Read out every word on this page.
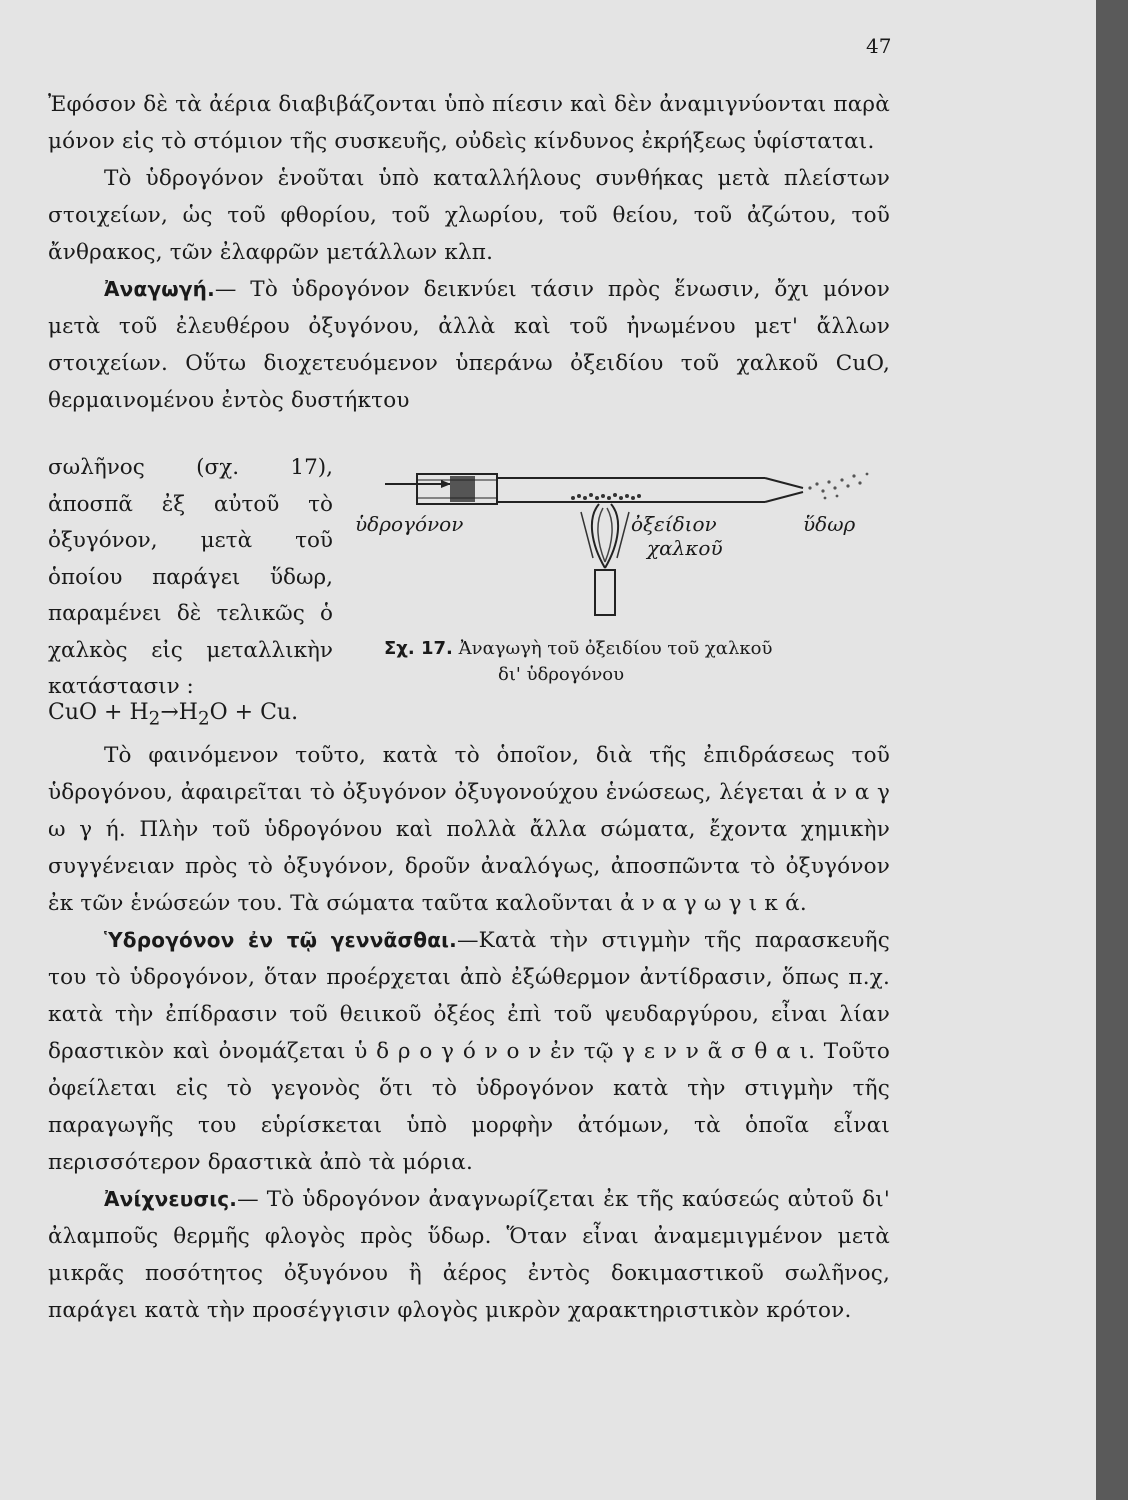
47

Ἐφόσον δὲ τὰ ἀέρια διαβιβάζονται ὑπὸ πίεσιν καὶ δὲν ἀναμιγνύονται παρὰ μόνον εἰς τὸ στόμιον τῆς συσκευῆς, οὐδεὶς κίνδυνος ἐκρήξεως ὑφίσταται.

Τὸ ὑδρογόνον ἑνοῦται ὑπὸ καταλλήλους συνθήκας μετὰ πλείστων στοιχείων, ὡς τοῦ φθορίου, τοῦ χλωρίου, τοῦ θείου, τοῦ ἀζώτου, τοῦ ἄνθρακος, τῶν ἐλαφρῶν μετάλλων κλπ.

Ἀναγωγή.— Τὸ ὑδρογόνον δεικνύει τάσιν πρὸς ἕνωσιν, ὄχι μόνον μετὰ τοῦ ἐλευθέρου ὀξυγόνου, ἀλλὰ καὶ τοῦ ἠνωμένου μετ' ἄλλων στοιχείων. Οὕτω διοχετευόμενον ὑπεράνω ὀξειδίου τοῦ χαλκοῦ CuO, θερμαινομένου ἐντὸς δυστήκτου

σωλῆνος (σχ. 17), ἀποσπᾶ ἐξ αὐτοῦ τὸ ὀξυγόνον, μετὰ τοῦ ὁποίου παράγει ὕδωρ, παραμένει δὲ τελικῶς ὁ χαλκὸς εἰς μεταλλικὴν κατάστασιν :
CuO + $H_2\to H_2O + Cu$.
ὑδρογόνον	ὀξείδιον
χαλκοῦ
ὕδωρ
Σχ. 17. Ἀναγωγὴ τοῦ ὀξειδίου τοῦ χαλκοῦ
δι' ὑδρογόνου

Τὸ φαινόμενον τοῦτο, κατὰ τὸ ὁποῖον, διὰ τῆς ἐπιδράσεως τοῦ ὑδρογόνου, ἀφαιρεῖται τὸ ὀξυγόνον ὀξυγονούχου ἑνώσεως, λέγεται ἀ ν α γ ω γ ή. Πλὴν τοῦ ὑδρογόνου καὶ πολλὰ ἄλλα σώματα, ἔχοντα χημικὴν συγγένειαν πρὸς τὸ ὀξυγόνον, δροῦν ἀναλόγως, ἀποσπῶντα τὸ ὀξυγόνον ἐκ τῶν ἑνώσεών του. Τὰ σώματα ταῦτα καλοῦνται ἀ ν α γ ω γ ι κ ά.

Ὑδρογόνον ἐν τῷ γεννᾶσθαι.—Κατὰ τὴν στιγμὴν τῆς παρασκευῆς του τὸ ὑδρογόνον, ὅταν προέρχεται ἀπὸ ἐξώθερμον ἀντίδρασιν, ὅπως π.χ. κατὰ τὴν ἐπίδρασιν τοῦ θειικοῦ ὀξέος ἐπὶ τοῦ ψευδαργύρου, εἶναι λίαν δραστικὸν καὶ ὀνομάζεται ὑ δ ρ ο γ ό ν ο ν ἐν τῷ γ ε ν ν ᾶ σ θ α ι. Τοῦτο ὀφείλεται εἰς τὸ γεγονὸς ὅτι τὸ ὑδρογόνον κατὰ τὴν στιγμὴν τῆς παραγωγῆς του εὑρίσκεται ὑπὸ μορφὴν ἀτόμων, τὰ ὁποῖα εἶναι περισσότερον δραστικὰ ἀπὸ τὰ μόρια.

Ἀνίχνευσις.— Τὸ ὑδρογόνον ἀναγνωρίζεται ἐκ τῆς καύσεώς αὐτοῦ δι' ἀλαμποῦς θερμῆς φλογὸς πρὸς ὕδωρ. Ὅταν εἶναι ἀναμεμιγμένον μετὰ μικρᾶς ποσότητος ὀξυγόνου ἢ ἀέρος ἐντὸς δοκιμαστικοῦ σωλῆνος, παράγει κατὰ τὴν προσέγγισιν φλογὸς μικρὸν χαρακτηριστικὸν κρότον.
